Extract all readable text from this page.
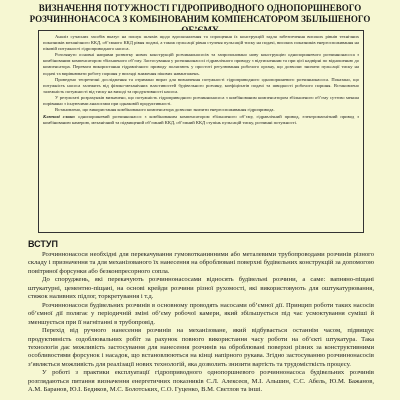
ВИЗНАЧЕННЯ ПОТУЖНОСТІ ГІДРОПРИВОДНОГО ОДНОПОРШНЕВОГО РОЗЧИННОНАСОСА З КОМБІНОВАНИМ КОМПЕНСАТОРОМ ЗБІЛЬШЕНОГО

Аналіз сучасних засобів вказує на пошук шляхів щодо вдосконалення та спрощення їх конструкцій задля забезпечення високих рівнів технічних показників механічного ККД, об’ємного ККД рівня подачі, а також пульсації рівня ступеня пульсацій тиску на подачі, високих показників енергоспоживання на піковій потужності гідроприводного насоса.

Розглянуто основні напрями розвитку нових конструкцій розчиннонасосів та запропоновано нову конструкцію однопоршневого розчиннонасоса з комбінованим компенсатором збільшеного об’єму. Застосування у розчиннонасосі гідравлічного приводу з відтисненням та при цієї надвірні по відношенню до компенсатора. Переваги використання гідравлічного приводу полягають у простоті регулювання робочого органу, що дозволяє знизити пульсації тиску на подачі та вирівнювати роботу поршня у вигляді зниження пікових навантажень.

Проведено теоретичні дослідження та отримано вираз для визначення потужності гідроприводного однопоршневого розчиннонасоса. Показано, що потужність насоса залежить від фізико-механічних властивостей будівельного розчину, коефіцієнтів подачі та швидкості робочого поршня. Встановлено залежність потужності від тиску на виході та продуктивності насоса.

У результаті розрахунків визначено, що потужність гідроприводного розчиннонасоса з комбінованим компенсатором збільшеного об’єму суттєво менша порівняно з існуючими аналогами при однаковій продуктивності.

Встановлено, що використання комбінованого компенсатора дозволяє знизити енергоспоживання гідропривода.

Ключові слова: однопоршневий розчиннонасос з комбінованим компенсатором збільшеного об’єму, гідравлічний привод, електромагнітний привод з комбінованою камерою, механічний та підвищений об’ємний ККД, об’ємний ККД ступінь пульсацій тиску, розчинні потужності.

ВСТУП

Розчиннонасоси необхідні для перекачування гумовотканинними або металевими трубопроводами розчинів різного складу і призначення та для механізованого їх нанесення на оброблювані поверхні будівельних конструкцій за допомогою повітряної форсунки або безконпресорного сопла.

До споруджень, які перекачують розчиннонасосами відносять будівельні розчини, а саме: вапняно-піщані штукатурні, цементно-піщані, на основі крейди розчини різної рухомості, які використовують для оштукатурювання, стяжок наливних підлог, торкретування і т.д.

Розчиннонасоси будівельних розчинів в основному проводять насосами об’ємної дії. Принцип роботи таких насосів об’ємної дії полягає у періодичній зміні об’єму робочої камери, який збільшується під час усмоктування суміші й зменшується при її нагнітанні в трубопровід.

Перехід від ручного нанесення розчинів на механізоване, який відбувається останнім часом, підвищує продуктивність оздоблювальних робіт за рахунок повного використання часу роботи на об’єкті штукатура. Така технологія дає можливість застосування для нанесення розчинів на оброблювані поверхні різних за конструктивними особливостями форсунок і насадок, що встановлюються на кінці напірного рукава. Згідно застосуванню розчиннонасосів з’являється можливість для реалізації нових технологій, яка дозволить знизити вартість та трудомісткість процесу.

У роботі з практики експлуатації гідроприводного однопоршневого розчиннонасоса будівельних розчинів розглядаються питання визначення енергетичних показників С.Л. Алексеєв, М.І. Альшин, С.С. Абель, Ю.М. Бажанов, А.М. Баранов, Ю.І. Бедиков, М.С. Болотських, С.О. Гуценко, В.М. Свєтлов та інші.
